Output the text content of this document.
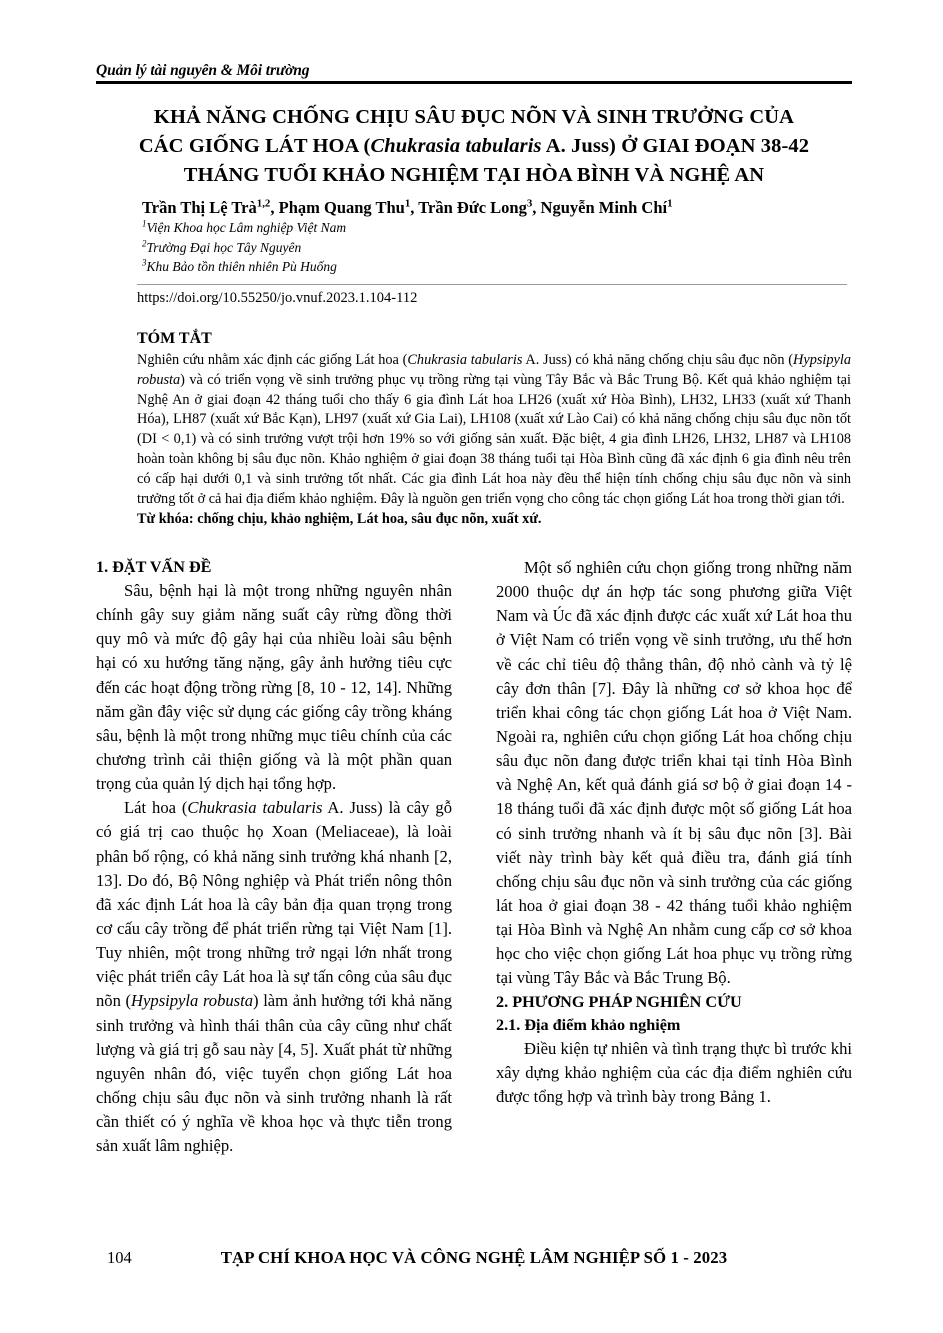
Quản lý tài nguyên & Môi trường
KHẢ NĂNG CHỐNG CHỊU SÂU ĐỤC NÕN VÀ SINH TRƯỞNG CỦA
CÁC GIỐNG LÁT HOA (Chukrasia tabularis A. Juss) Ở GIAI ĐOẠN 38-42
THÁNG TUỔI KHẢO NGHIỆM TẠI HÒA BÌNH VÀ NGHỆ AN
Trần Thị Lệ Trà$^{1,2}$, Phạm Quang Thu$^1$, Trần Đức Long$^3$, Nguyễn Minh Chí$^1$
$^1$Viện Khoa học Lâm nghiệp Việt Nam
$^2$Trường Đại học Tây Nguyên
$^3$Khu Bảo tồn thiên nhiên Pù Huống
https://doi.org/10.55250/jo.vnuf.2023.1.104-112
TÓM TẮT
Nghiên cứu nhằm xác định các giống Lát hoa (Chukrasia tabularis A. Juss) có khả năng chống chịu sâu đục nõn (Hypsipyla robusta) và có triển vọng về sinh trưởng phục vụ trồng rừng tại vùng Tây Bắc và Bắc Trung Bộ. Kết quả khảo nghiệm tại Nghệ An ở giai đoạn 42 tháng tuổi cho thấy 6 gia đình Lát hoa LH26 (xuất xứ Hòa Bình), LH32, LH33 (xuất xứ Thanh Hóa), LH87 (xuất xứ Bắc Kạn), LH97 (xuất xứ Gia Lai), LH108 (xuất xứ Lào Cai) có khả năng chống chịu sâu đục nõn tốt (DI < 0,1) và có sinh trưởng vượt trội hơn 19% so với giống sản xuất. Đặc biệt, 4 gia đình LH26, LH32, LH87 và LH108 hoàn toàn không bị sâu đục nõn. Khảo nghiệm ở giai đoạn 38 tháng tuổi tại Hòa Bình cũng đã xác định 6 gia đình nêu trên có cấp hại dưới 0,1 và sinh trưởng tốt nhất. Các gia đình Lát hoa này đều thể hiện tính chống chịu sâu đục nõn và sinh trưởng tốt ở cả hai địa điểm khảo nghiệm. Đây là nguồn gen triển vọng cho công tác chọn giống Lát hoa trong thời gian tới.
Từ khóa: chống chịu, khảo nghiệm, Lát hoa, sâu đục nõn, xuất xứ.
1. ĐẶT VẤN ĐỀ

Sâu, bệnh hại là một trong những nguyên nhân chính gây suy giảm năng suất cây rừng đồng thời quy mô và mức độ gây hại của nhiều loài sâu bệnh hại có xu hướng tăng nặng, gây ảnh hưởng tiêu cực đến các hoạt động trồng rừng [8, 10 - 12, 14]. Những năm gần đây việc sử dụng các giống cây trồng kháng sâu, bệnh là một trong những mục tiêu chính của các chương trình cải thiện giống và là một phần quan trọng của quản lý dịch hại tổng hợp.

Lát hoa (Chukrasia tabularis A. Juss) là cây gỗ có giá trị cao thuộc họ Xoan (Meliaceae), là loài phân bố rộng, có khả năng sinh trưởng khá nhanh [2, 13]. Do đó, Bộ Nông nghiệp và Phát triển nông thôn đã xác định Lát hoa là cây bản địa quan trọng trong cơ cấu cây trồng để phát triển rừng tại Việt Nam [1]. Tuy nhiên, một trong những trở ngại lớn nhất trong việc phát triển cây Lát hoa là sự tấn công của sâu đục nõn (Hypsipyla robusta) làm ảnh hưởng tới khả năng sinh trưởng và hình thái thân của cây cũng như chất lượng và giá trị gỗ sau này [4, 5]. Xuất phát từ những nguyên nhân đó, việc tuyển chọn giống Lát hoa chống chịu sâu đục nõn và sinh trưởng nhanh là rất cần thiết có ý nghĩa về khoa học và thực tiễn trong sản xuất lâm nghiệp.

Một số nghiên cứu chọn giống trong những năm 2000 thuộc dự án hợp tác song phương giữa Việt Nam và Úc đã xác định được các xuất xứ Lát hoa thu ở Việt Nam có triển vọng về sinh trưởng, ưu thế hơn về các chỉ tiêu độ thẳng thân, độ nhỏ cành và tỷ lệ cây đơn thân [7]. Đây là những cơ sở khoa học để triển khai công tác chọn giống Lát hoa ở Việt Nam. Ngoài ra, nghiên cứu chọn giống Lát hoa chống chịu sâu đục nõn đang được triển khai tại tỉnh Hòa Bình và Nghệ An, kết quả đánh giá sơ bộ ở giai đoạn 14 - 18 tháng tuổi đã xác định được một số giống Lát hoa có sinh trưởng nhanh và ít bị sâu đục nõn [3]. Bài viết này trình bày kết quả điều tra, đánh giá tính chống chịu sâu đục nõn và sinh trưởng của các giống lát hoa ở giai đoạn 38 - 42 tháng tuổi khảo nghiệm tại Hòa Bình và Nghệ An nhằm cung cấp cơ sở khoa học cho việc chọn giống Lát hoa phục vụ trồng rừng tại vùng Tây Bắc và Bắc Trung Bộ.

2. PHƯƠNG PHÁP NGHIÊN CỨU
2.1. Địa điểm khảo nghiệm

Điều kiện tự nhiên và tình trạng thực bì trước khi xây dựng khảo nghiệm của các địa điểm nghiên cứu được tổng hợp và trình bày trong Bảng 1.

104	TẠP CHÍ KHOA HỌC VÀ CÔNG NGHỆ LÂM NGHIỆP SỐ 1 - 2023
